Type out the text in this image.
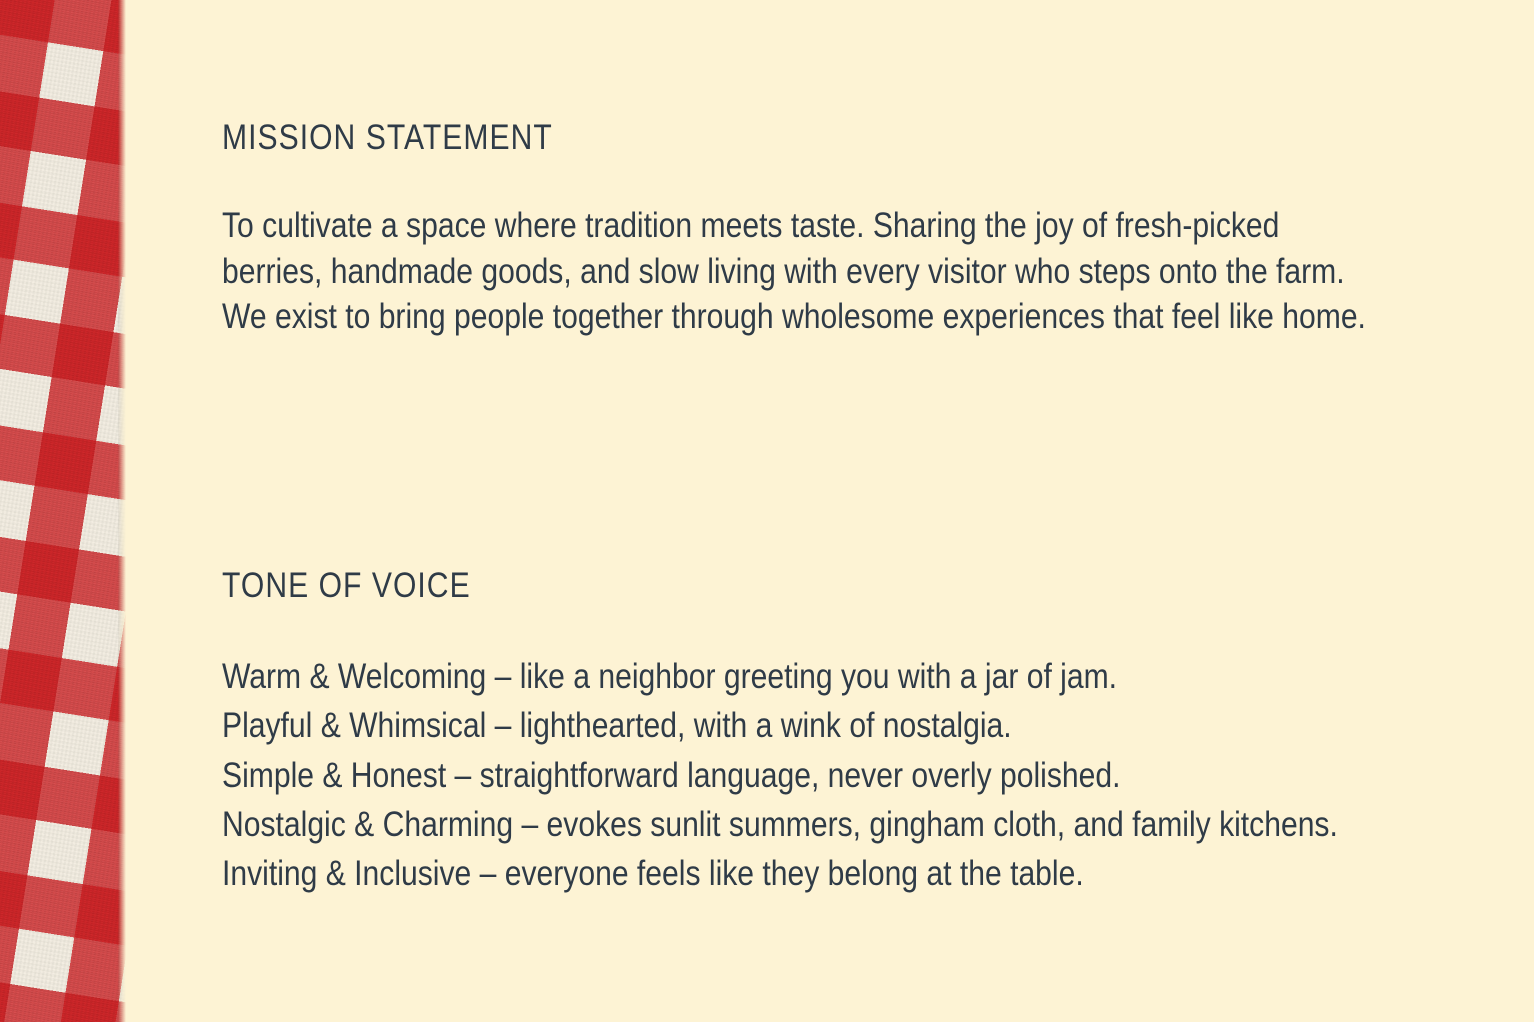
MISSION STATEMENT
To cultivate a space where tradition meets taste. Sharing the joy of fresh-picked berries, handmade goods, and slow living with every visitor who steps onto the farm. We exist to bring people together through wholesome experiences that feel like home.
TONE OF VOICE
Warm & Welcoming – like a neighbor greeting you with a jar of jam.
Playful & Whimsical – lighthearted, with a wink of nostalgia.
Simple & Honest – straightforward language, never overly polished.
Nostalgic & Charming – evokes sunlit summers, gingham cloth, and family kitchens.
Inviting & Inclusive – everyone feels like they belong at the table.
